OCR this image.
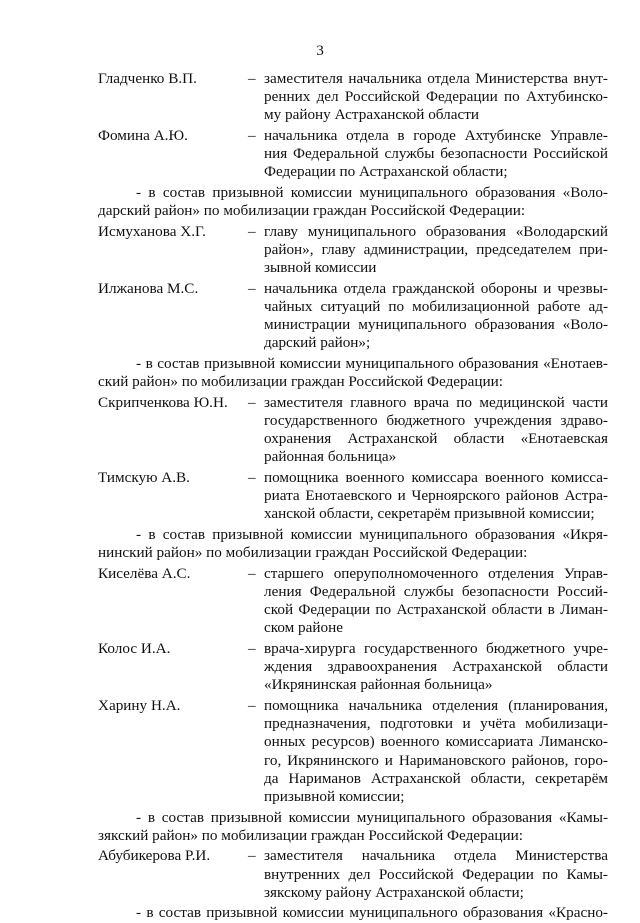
3
Гладченко В.П.	– заместителя начальника отдела Министерства внут-
ренних дел Российской Федерации по Ахтубинско-
му району Астраханской области
Фомина А.Ю.	– начальника отдела в городе Ахтубинске Управле-
ния Федеральной службы безопасности Российской
Федерации по Астраханской области;
- в состав призывной комиссии муниципального образования «Воло-
дарский район» по мобилизации граждан Российской Федерации:
Исмуханова Х.Г.	– главу муниципального образования «Володарский
район», главу администрации, председателем при-
зывной комиссии
Илжанова М.С.	– начальника отдела гражданской обороны и чрезвы-
чайных ситуаций по мобилизационной работе ад-
министрации муниципального образования «Воло-
дарский район»;
- в состав призывной комиссии муниципального образования «Енотаев-
ский район» по мобилизации граждан Российской Федерации:
Скрипченкова Ю.Н. – заместителя главного врача по медицинской части
государственного бюджетного учреждения здраво-
охранения Астраханской области «Енотаевская
районная больница»
Тимскую А.В.	– помощника военного комиссара военного комисса-
риата Енотаевского и Черноярского районов Астра-
ханской области, секретарём призывной комиссии;
- в состав призывной комиссии муниципального образования «Икря-
нинский район» по мобилизации граждан Российской Федерации:
Киселёва А.С.	– старшего оперуполномоченного отделения Управ-
ления Федеральной службы безопасности Россий-
ской Федерации по Астраханской области в Лиман-
ском районе
Колос И.А.	– врача-хирурга государственного бюджетного учре-
ждения здравоохранения Астраханской области
«Икрянинская районная больница»
Харину Н.А.	– помощника начальника отделения (планирования,
предназначения, подготовки и учёта мобилизаци-
онных ресурсов) военного комиссариата Лиманско-
го, Икрянинского и Наримановского районов, горо-
да Нариманов Астраханской области, секретарём
призывной комиссии;
- в состав призывной комиссии муниципального образования «Камы-
зякский район» по мобилизации граждан Российской Федерации:
Абубикерова Р.И. – заместителя начальника отдела Министерства
внутренних дел Российской Федерации по Камы-
зякскому району Астраханской области;
- в состав призывной комиссии муниципального образования «Красно-
